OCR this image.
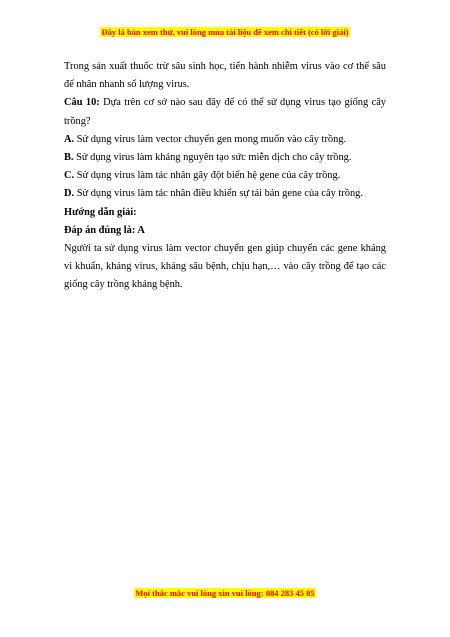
Đây là bản xem thử, vui lòng mua tài liệu để xem chi tiết (có lời giải)

Trong sản xuất thuốc trừ sâu sinh học, tiến hành nhiễm virus vào cơ thể sâu để nhân nhanh số lượng virus.

Câu 10: Dựa trên cơ sở nào sau đây để có thể sử dụng virus tạo giống cây trồng?

A. Sử dụng virus làm vector chuyển gen mong muốn vào cây trồng.

B. Sử dụng virus làm kháng nguyên tạo sức miễn dịch cho cây trồng.

C. Sử dụng virus làm tác nhân gây đột biến hệ gene của cây trồng.

D. Sử dụng virus làm tác nhân điều khiển sự tái bản gene của cây trồng.

Hướng dẫn giải:

Đáp án đúng là: A

Người ta sử dụng virus làm vector chuyển gen giúp chuyển các gene kháng vi khuẩn, kháng virus, kháng sâu bệnh, chịu hạn,… vào cây trồng để tạo các giống cây trồng kháng bệnh.

Mọi thắc mắc vui lòng xin vui lòng: 084 283 45 85
